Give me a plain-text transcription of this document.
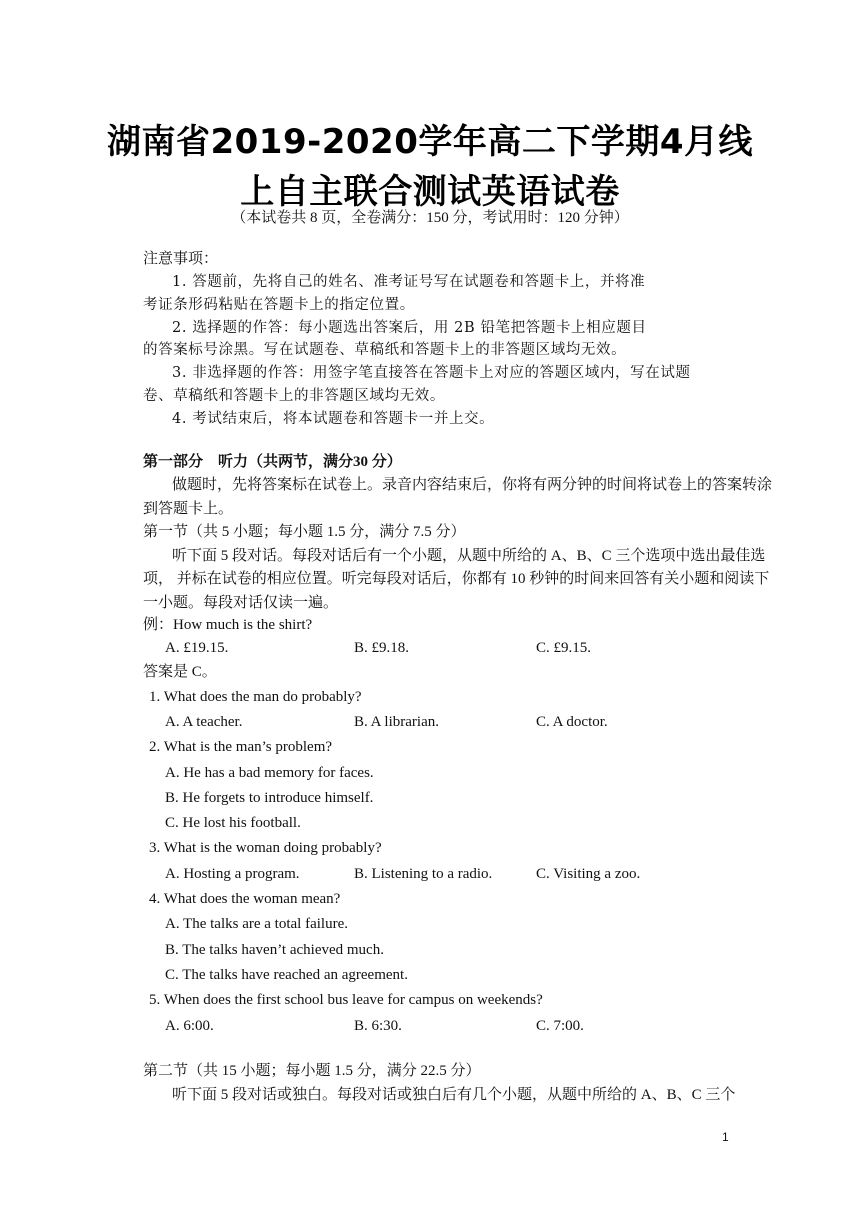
湖南省2019-2020学年高二下学期4月线
上自主联合测试英语试卷
（本试卷共 8 页，全卷满分：150 分，考试用时：120 分钟）
注意事项：
1. 答题前，先将自己的姓名、准考证号写在试题卷和答题卡上，并将准
考证条形码粘贴在答题卡上的指定位置。
2. 选择题的作答：每小题选出答案后，用 2B 铅笔把答题卡上相应题目
的答案标号涂黑。写在试题卷、草稿纸和答题卡上的非答题区域均无效。
3. 非选择题的作答：用签字笔直接答在答题卡上对应的答题区域内，写在试题
卷、草稿纸和答题卡上的非答题区域均无效。
4. 考试结束后，将本试题卷和答题卡一并上交。
第一部分　听力（共两节，满分30 分）
做题时，先将答案标在试卷上。录音内容结束后，你将有两分钟的时间将试卷上的答案转涂
到答题卡上。
第一节（共 5 小题；每小题 1.5 分，满分 7.5 分）
听下面 5 段对话。每段对话后有一个小题，从题中所给的 A、B、C 三个选项中选出最佳选
项， 并标在试卷的相应位置。听完每段对话后，你都有 10 秒钟的时间来回答有关小题和阅读下
一小题。每段对话仅读一遍。
例：How much is the shirt?
A. £19.15.	B. £9.18.	C. £9.15.
答案是 C。
1. What does the man do probably?
A. A teacher.	B. A librarian.	C. A doctor.
2. What is the man’s problem?
A. He has a bad memory for faces.
B. He forgets to introduce himself.
C. He lost his football.
3. What is the woman doing probably?
A. Hosting a program.	B. Listening to a radio.	C. Visiting a zoo.
4. What does the woman mean?
A. The talks are a total failure.
B. The talks haven’t achieved much.
C. The talks have reached an agreement.
5. When does the first school bus leave for campus on weekends?
A. 6:00.	B. 6:30.	C. 7:00.
第二节（共 15 小题；每小题 1.5 分，满分 22.5 分）
听下面 5 段对话或独白。每段对话或独白后有几个小题，从题中所给的 A、B、C 三个
1
